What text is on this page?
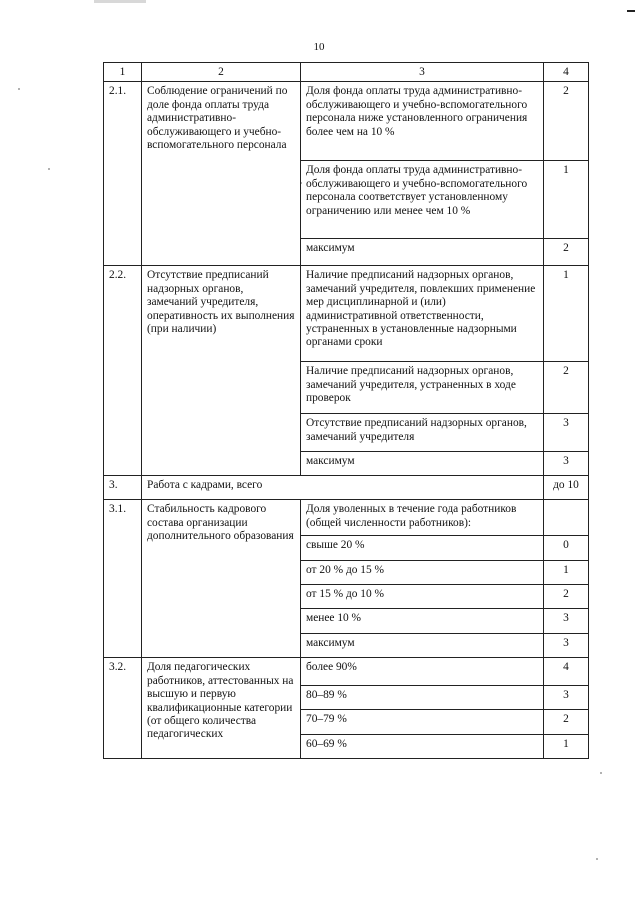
10
1	2	3	4
2.1.	Соблюдение ограничений по доле фонда оплаты труда административно-обслуживающего и учебно-вспомогательного персонала	Доля фонда оплаты труда административно-обслуживающего и учебно-вспомогательного персонала ниже установленного ограничения более чем на 10 %	2
		Доля фонда оплаты труда административно-обслуживающего и учебно-вспомогательного персонала соответствует установленному ограничению или менее чем 10 %	1
		максимум	2
2.2.	Отсутствие предписаний надзорных органов, замечаний учредителя, оперативность их выполнения (при наличии)	Наличие предписаний надзорных органов, замечаний учредителя, повлекших применение мер дисциплинарной и (или) административной ответственности, устраненных в установленные надзорными органами сроки	1
		Наличие предписаний надзорных органов, замечаний учредителя, устраненных в ходе проверок	2
		Отсутствие предписаний надзорных органов, замечаний учредителя	3
		максимум	3
3.	Работа с кадрами, всего		до 10
3.1.	Стабильность кадрового состава организации дополнительного образования	Доля уволенных в течение года работников (общей численности работников):	
		свыше 20 %	0
		от 20 % до 15 %	1
		от 15 % до 10 %	2
		менее 10 %	3
		максимум	3
3.2.	Доля педагогических работников, аттестованных на высшую и первую квалификационные категории (от общего количества педагогических	более 90%	4
		80–89 %	3
		70–79 %	2
		60–69 %	1
